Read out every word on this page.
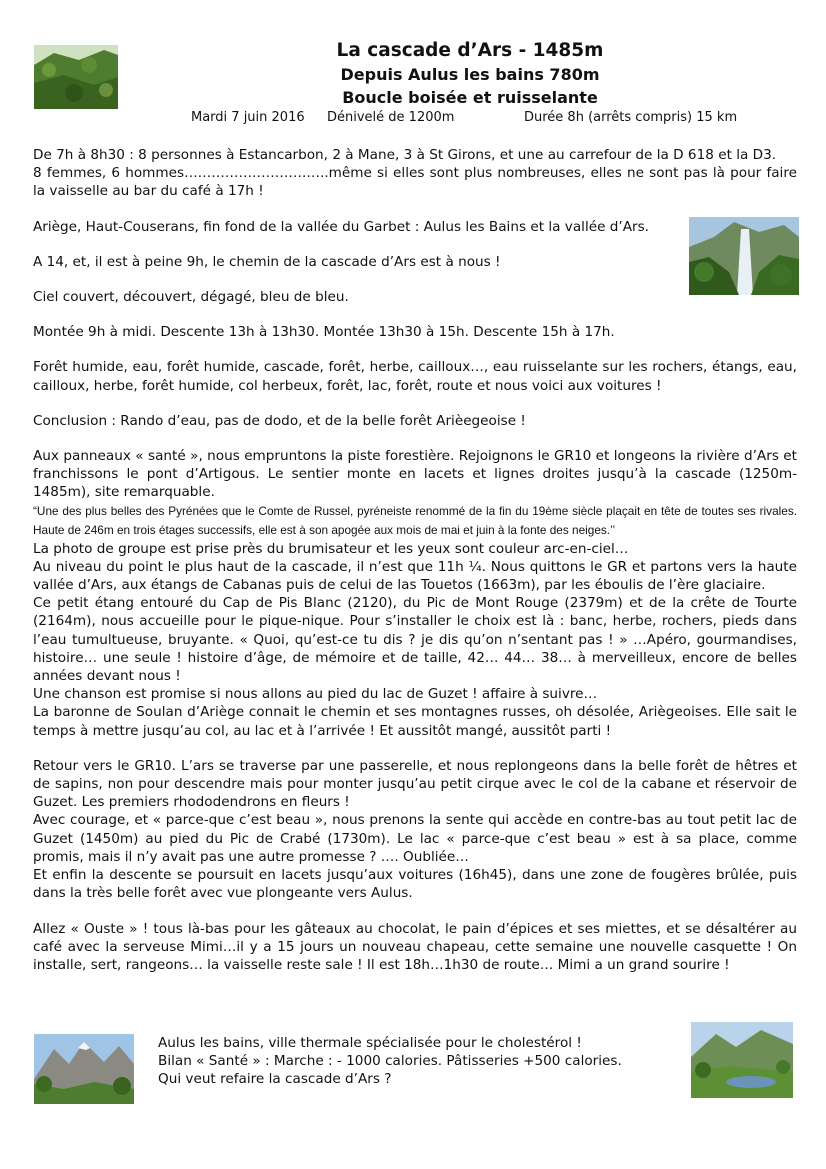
La cascade d’Ars - 1485m
Depuis Aulus les bains 780m
Boucle boisée et ruisselante
Mardi 7 juin 2016 Dénivelé de 1200m	Durée 8h (arrêts compris) 15 km

De 7h à 8h30 : 8 personnes à Estancarbon, 2 à Mane, 3 à St Girons, et une au carrefour de la D 618 et la D3.

8 femmes, 6 hommes…………………………..même si elles sont plus nombreuses, elles ne sont pas là pour faire la vaisselle au bar du café à 17h !

Ariège, Haut-Couserans, fin fond de la vallée du Garbet : Aulus les Bains et la vallée d’Ars.

A 14, et, il est à peine 9h, le chemin de la cascade d’Ars est à nous !

Ciel couvert, découvert, dégagé, bleu de bleu.

Montée 9h à midi. Descente 13h à 13h30. Montée 13h30 à 15h. Descente 15h à 17h.

Forêt humide, eau, forêt humide, cascade, forêt, herbe, cailloux…, eau ruisselante sur les rochers, étangs, eau, cailloux, herbe, forêt humide, col herbeux, forêt, lac, forêt, route et nous voici aux voitures !

Conclusion : Rando d’eau, pas de dodo, et de la belle forêt Arièegeoise !

Aux panneaux « santé », nous empruntons la piste forestière. Rejoignons le GR10 et longeons la rivière d’Ars et franchissons le pont d’Artigous. Le sentier monte en lacets et lignes droites jusqu’à la cascade (1250m-1485m), site remarquable.

“Une des plus belles des Pyrénées que le Comte de Russel, pyréneiste renommé de la fin du 19ème siècle plaçait en tête de toutes ses rivales. Haute de 246m en trois étages successifs, elle est à son apogée aux mois de mai et juin à la fonte des neiges.’’

La photo de groupe est prise près du brumisateur et les yeux sont couleur arc-en-ciel…

Au niveau du point le plus haut de la cascade, il n’est que 11h ¼. Nous quittons le GR et partons vers la haute vallée d’Ars, aux étangs de Cabanas puis de celui de las Touetos (1663m), par les éboulis de l’ère glaciaire.

Ce petit étang entouré du Cap de Pis Blanc (2120), du Pic de Mont Rouge (2379m) et de la crête de Tourte (2164m), nous accueille pour le pique-nique. Pour s’installer le choix est là : banc, herbe, rochers, pieds dans l’eau tumultueuse, bruyante. « Quoi, qu’est-ce tu dis ? je dis qu’on n’sentant pas ! » …Apéro, gourmandises, histoire… une seule ! histoire d’âge, de mémoire et de taille, 42… 44… 38… à merveilleux, encore de belles années devant nous !

Une chanson est promise si nous allons au pied du lac de Guzet ! affaire à suivre…

La baronne de Soulan d’Ariège connait le chemin et ses montagnes russes, oh désolée, Ariègeoises. Elle sait le temps à mettre jusqu’au col, au lac et à l’arrivée ! Et aussitôt mangé, aussitôt parti !

Retour vers le GR10. L’ars se traverse par une passerelle, et nous replongeons dans la belle forêt de hêtres et de sapins, non pour descendre mais pour monter jusqu’au petit cirque avec le col de la cabane et réservoir de Guzet. Les premiers rhododendrons en fleurs !

Avec courage, et « parce-que c’est beau », nous prenons la sente qui accède en contre-bas au tout petit lac de Guzet (1450m) au pied du Pic de Crabé (1730m). Le lac « parce-que c’est beau » est à sa place, comme promis, mais il n’y avait pas une autre promesse ? …. Oubliée…

Et enfin la descente se poursuit en lacets jusqu’aux voitures (16h45), dans une zone de fougères brûlée, puis dans la très belle forêt avec vue plongeante vers Aulus.

Allez « Ouste » ! tous là-bas pour les gâteaux au chocolat, le pain d’épices et ses miettes, et se désaltérer au café avec la serveuse Mimi…il y a 15 jours un nouveau chapeau, cette semaine une nouvelle casquette ! On installe, sert, rangeons… la vaisselle reste sale ! Il est 18h…1h30 de route… Mimi a un grand sourire !

Aulus les bains, ville thermale spécialisée pour le cholestérol !

Bilan « Santé » : Marche : - 1000 calories. Pâtisseries +500 calories.

Qui veut refaire la cascade d’Ars ?
